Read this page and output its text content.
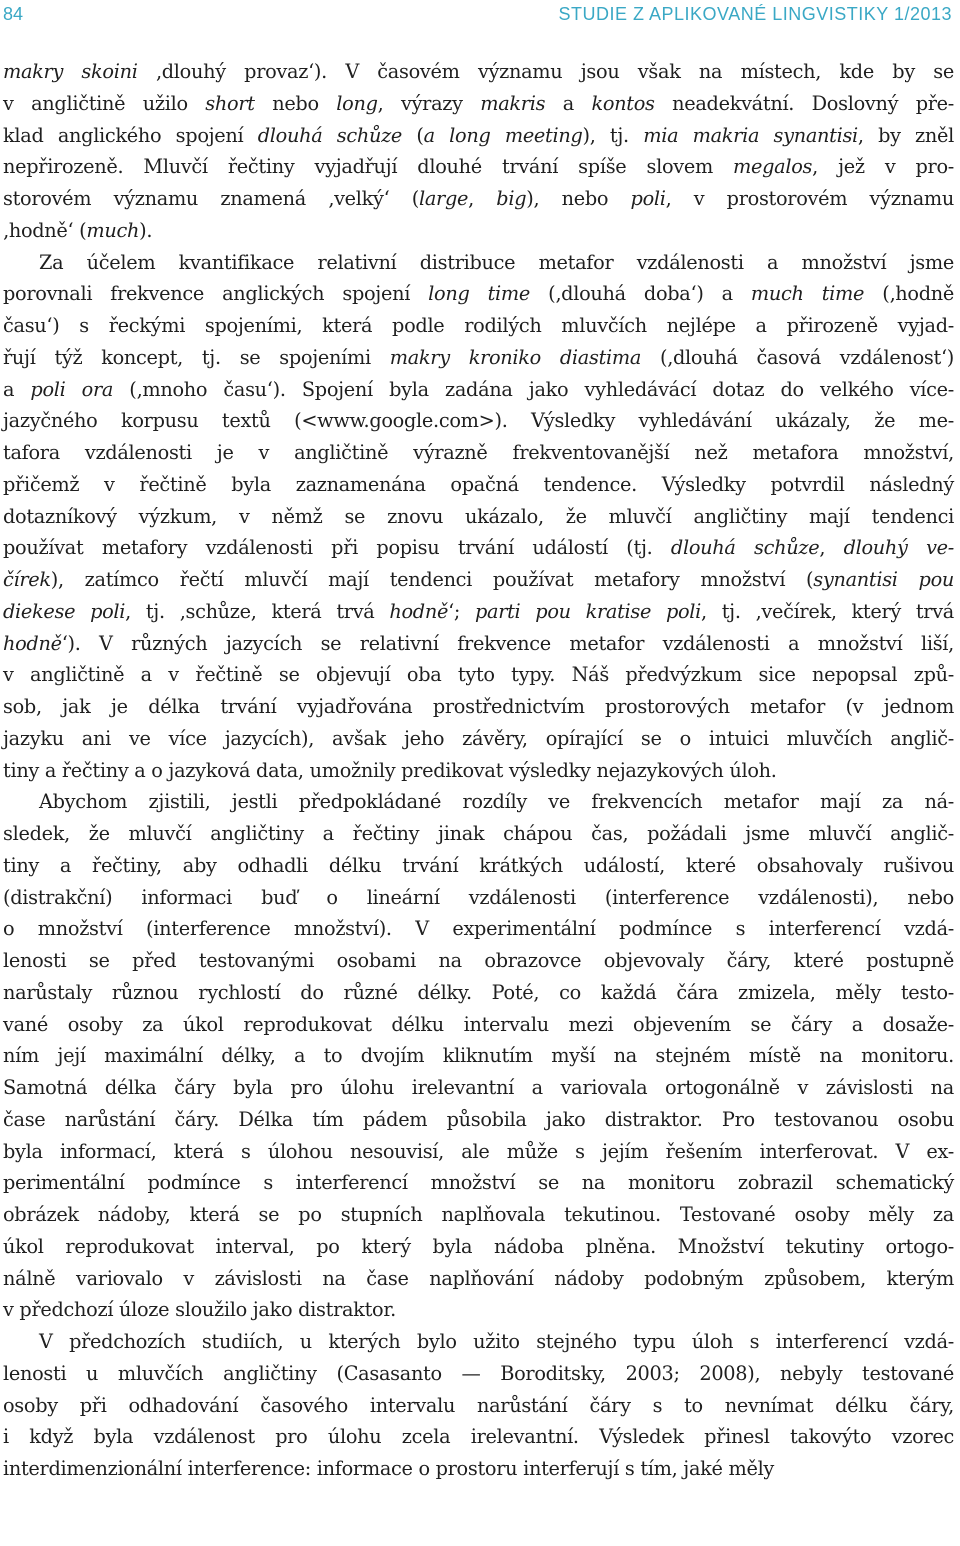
84	STUDIE Z APLIKOVANÉ LINGVISTIKY 1/2013

makry skoini ‚dlouhý provaz‘). V časovém významu jsou však na místech, kde by se
v angličtině užilo short nebo long, výrazy makris a kontos neadekvátní. Doslovný pře-
klad anglického spojení dlouhá schůze (a long meeting), tj. mia makria synantisi, by zněl
nepřirozeně. Mluvčí řečtiny vyjadřují dlouhé trvání spíše slovem megalos, jež v pro-
storovém významu znamená ‚velký‘ (large, big), nebo poli, v prostorovém významu
‚hodně‘ (much).

Za účelem kvantifikace relativní distribuce metafor vzdálenosti a množství jsme
porovnali frekvence anglických spojení long time (‚dlouhá doba‘) a much time (‚hodně
času‘) s řeckými spojeními, která podle rodilých mluvčích nejlépe a přirozeně vyjad-
řují týž koncept, tj. se spojeními makry kroniko diastima (‚dlouhá časová vzdálenost‘)
a poli ora (‚mnoho času‘). Spojení byla zadána jako vyhledávácí dotaz do velkého více-
jazyčného korpusu textů (<www.google.com>). Výsledky vyhledávání ukázaly, že me-
tafora vzdálenosti je v angličtině výrazně frekventovanější než metafora množství,
přičemž v řečtině byla zaznamenána opačná tendence. Výsledky potvrdil následný
dotazníkový výzkum, v němž se znovu ukázalo, že mluvčí angličtiny mají tendenci
používat metafory vzdálenosti při popisu trvání událostí (tj. dlouhá schůze, dlouhý ve-
čírek), zatímco řečtí mluvčí mají tendenci používat metafory množství (synantisi pou
diekese poli, tj. ‚schůze, která trvá hodně‘; parti pou kratise poli, tj. ‚večírek, který trvá
hodně‘). V různých jazycích se relativní frekvence metafor vzdálenosti a množství liší,
v angličtině a v řečtině se objevují oba tyto typy. Náš předvýzkum sice nepopsal způ-
sob, jak je délka trvání vyjadřována prostřednictvím prostorových metafor (v jednom
jazyku ani ve více jazycích), avšak jeho závěry, opírající se o intuici mluvčích anglič-
tiny a řečtiny a o jazyková data, umožnily predikovat výsledky nejazykových úloh.

Abychom zjistili, jestli předpokládané rozdíly ve frekvencích metafor mají za ná-
sledek, že mluvčí angličtiny a řečtiny jinak chápou čas, požádali jsme mluvčí anglič-
tiny a řečtiny, aby odhadli délku trvání krátkých událostí, které obsahovaly rušivou
(distrakční) informaci buď o lineární vzdálenosti (interference vzdálenosti), nebo
o množství (interference množství). V experimentální podmínce s interferencí vzdá-
lenosti se před testovanými osobami na obrazovce objevovaly čáry, které postupně
narůstaly různou rychlostí do různé délky. Poté, co každá čára zmizela, měly testo-
vané osoby za úkol reprodukovat délku intervalu mezi objevením se čáry a dosaže-
ním její maximální délky, a to dvojím kliknutím myší na stejném místě na monitoru.
Samotná délka čáry byla pro úlohu irelevantní a variovala ortogonálně v závislosti na
čase narůstání čáry. Délka tím pádem působila jako distraktor. Pro testovanou osobu
byla informací, která s úlohou nesouvisí, ale může s jejím řešením interferovat. V ex-
perimentální podmínce s interferencí množství se na monitoru zobrazil schematický
obrázek nádoby, která se po stupních naplňovala tekutinou. Testované osoby měly za
úkol reprodukovat interval, po který byla nádoba plněna. Množství tekutiny ortogo-
nálně variovalo v závislosti na čase naplňování nádoby podobným způsobem, kterým
v předchozí úloze sloužilo jako distraktor.

V předchozích studiích, u kterých bylo užito stejného typu úloh s interferencí vzdá-
lenosti u mluvčích angličtiny (Casasanto — Boroditsky, 2003; 2008), nebyly testované
osoby při odhadování časového intervalu narůstání čáry s to nevnímat délku čáry,
i když byla vzdálenost pro úlohu zcela irelevantní. Výsledek přinesl takovýto vzorec
interdimenzionální interference: informace o prostoru interferují s tím, jaké měly
